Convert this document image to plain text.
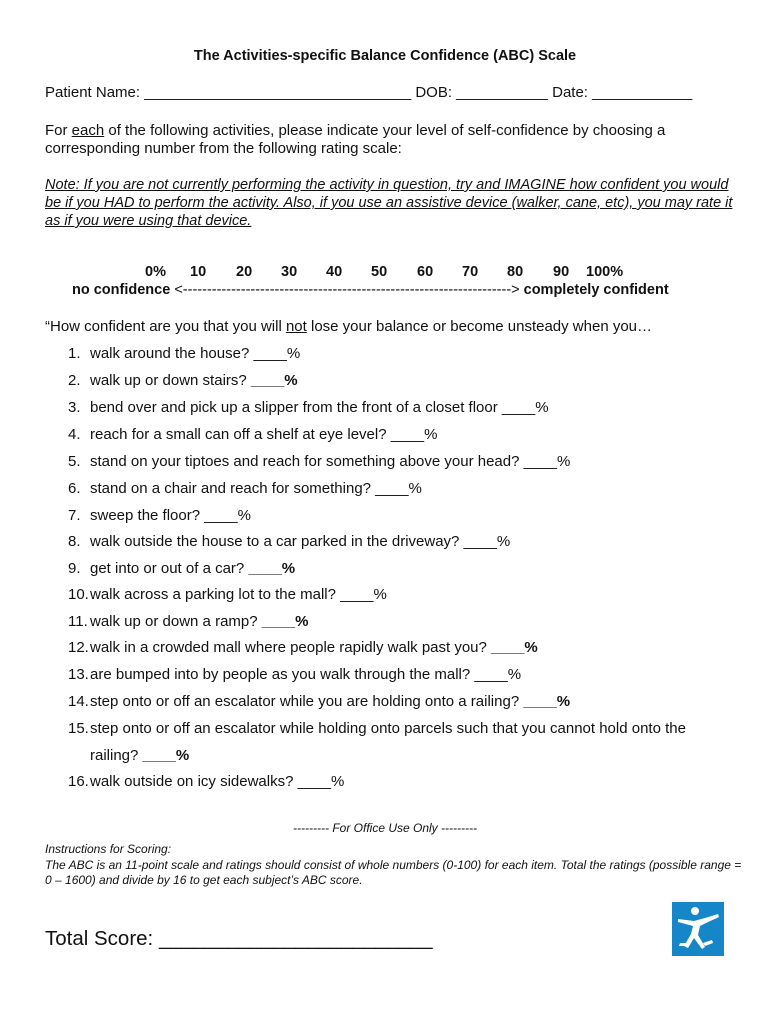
The Activities-specific Balance Confidence (ABC) Scale
Patient Name: ________________________________ DOB: ___________ Date: ____________
For each of the following activities, please indicate your level of self-confidence by choosing a corresponding number from the following rating scale:
Note: If you are not currently performing the activity in question, try and IMAGINE how confident you would be if you HAD to perform the activity. Also, if you use an assistive device (walker, cane, etc), you may rate it as if you were using that device.
0% 10 20 30 40 50 60 70 80 90 100%
no confidence <--------------------------------------------------------------------> completely confident
“How confident are you that you will not lose your balance or become unsteady when you…
1. walk around the house? ____%
2. walk up or down stairs? ____%
3. bend over and pick up a slipper from the front of a closet floor ____%
4. reach for a small can off a shelf at eye level? ____%
5. stand on your tiptoes and reach for something above your head? ____%
6. stand on a chair and reach for something? ____%
7. sweep the floor? ____%
8. walk outside the house to a car parked in the driveway? ____%
9. get into or out of a car? ____%
10.walk across a parking lot to the mall? ____%
11. walk up or down a ramp? ____%
12.walk in a crowded mall where people rapidly walk past you? ____%
13.are bumped into by people as you walk through the mall? ____%
14.step onto or off an escalator while you are holding onto a railing? ____%
15.step onto or off an escalator while holding onto parcels such that you cannot hold onto the
railing? ____%
16.walk outside on icy sidewalks? ____%
--------- For Office Use Only ---------
Instructions for Scoring:
The ABC is an 11-point scale and ratings should consist of whole numbers (0-100) for each item. Total the ratings (possible range = 0 – 1600) and divide by 16 to get each subject’s ABC score.
Total Score: ________________________
